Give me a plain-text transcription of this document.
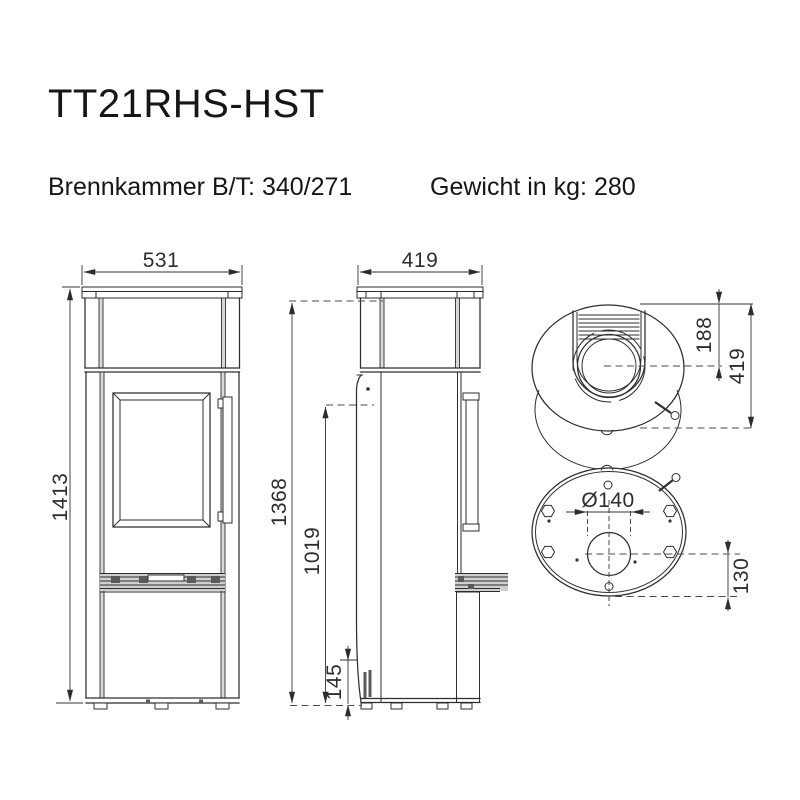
TT21RHS-HST
Brennkammer B/T: 340/271	Gewicht in kg: 280
531
1413
419
1368
1019
145
188
419
Ø140
130
